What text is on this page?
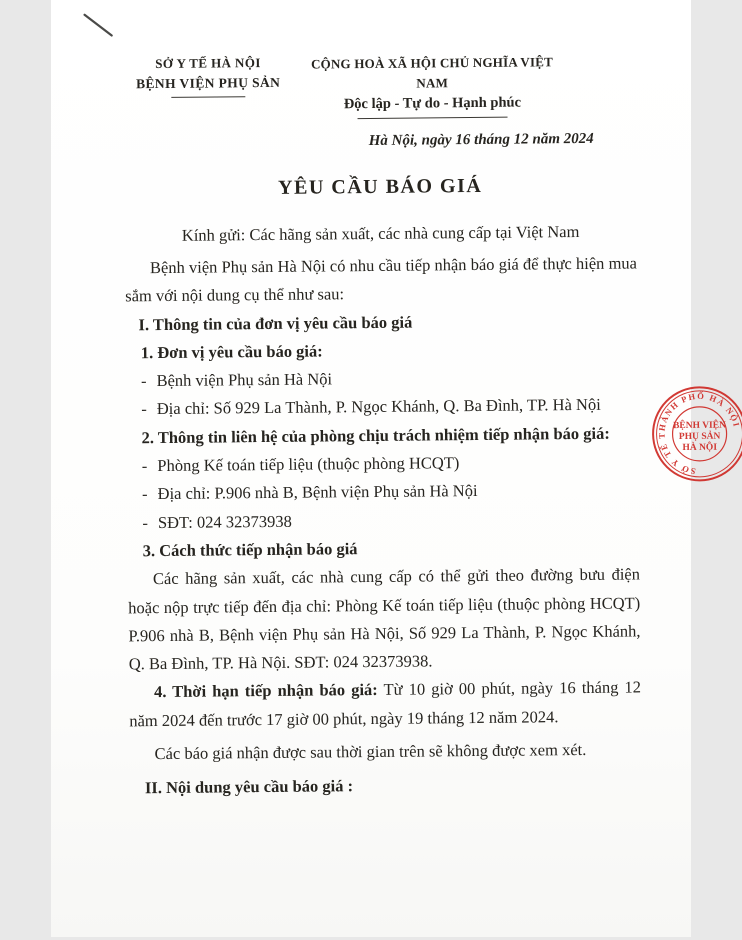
SỞ Y TẾ HÀ NỘI
BỆNH VIỆN PHỤ SẢN
CỘNG HOÀ XÃ HỘI CHỦ NGHĨA VIỆT NAM
Độc lập - Tự do - Hạnh phúc
Hà Nội, ngày 16 tháng 12 năm 2024
YÊU CẦU BÁO GIÁ
Kính gửi: Các hãng sản xuất, các nhà cung cấp tại Việt Nam

Bệnh viện Phụ sản Hà Nội có nhu cầu tiếp nhận báo giá để thực hiện mua sắm với nội dung cụ thể như sau:

I. Thông tin của đơn vị yêu cầu báo giá
1. Đơn vị yêu cầu báo giá:
- Bệnh viện Phụ sản Hà Nội
- Địa chỉ: Số 929 La Thành, P. Ngọc Khánh, Q. Ba Đình, TP. Hà Nội
2. Thông tin liên hệ của phòng chịu trách nhiệm tiếp nhận báo giá:
- Phòng Kế toán tiếp liệu (thuộc phòng HCQT)
- Địa chỉ: P.906 nhà B, Bệnh viện Phụ sản Hà Nội
- SĐT: 024 32373938
3. Cách thức tiếp nhận báo giá

Các hãng sản xuất, các nhà cung cấp có thể gửi theo đường bưu điện hoặc nộp trực tiếp đến địa chỉ: Phòng Kế toán tiếp liệu (thuộc phòng HCQT) P.906 nhà B, Bệnh viện Phụ sản Hà Nội, Số 929 La Thành, P. Ngọc Khánh, Q. Ba Đình, TP. Hà Nội. SĐT: 024 32373938.

4. Thời hạn tiếp nhận báo giá: Từ 10 giờ 00 phút, ngày 16 tháng 12 năm 2024 đến trước 17 giờ 00 phút, ngày 19 tháng 12 năm 2024.

Các báo giá nhận được sau thời gian trên sẽ không được xem xét.

II. Nội dung yêu cầu báo giá :
SỞ Y TẾ THÀNH PHỐ HÀ NỘI
BỆNH VIỆN
PHỤ SẢN
HÀ NỘI
